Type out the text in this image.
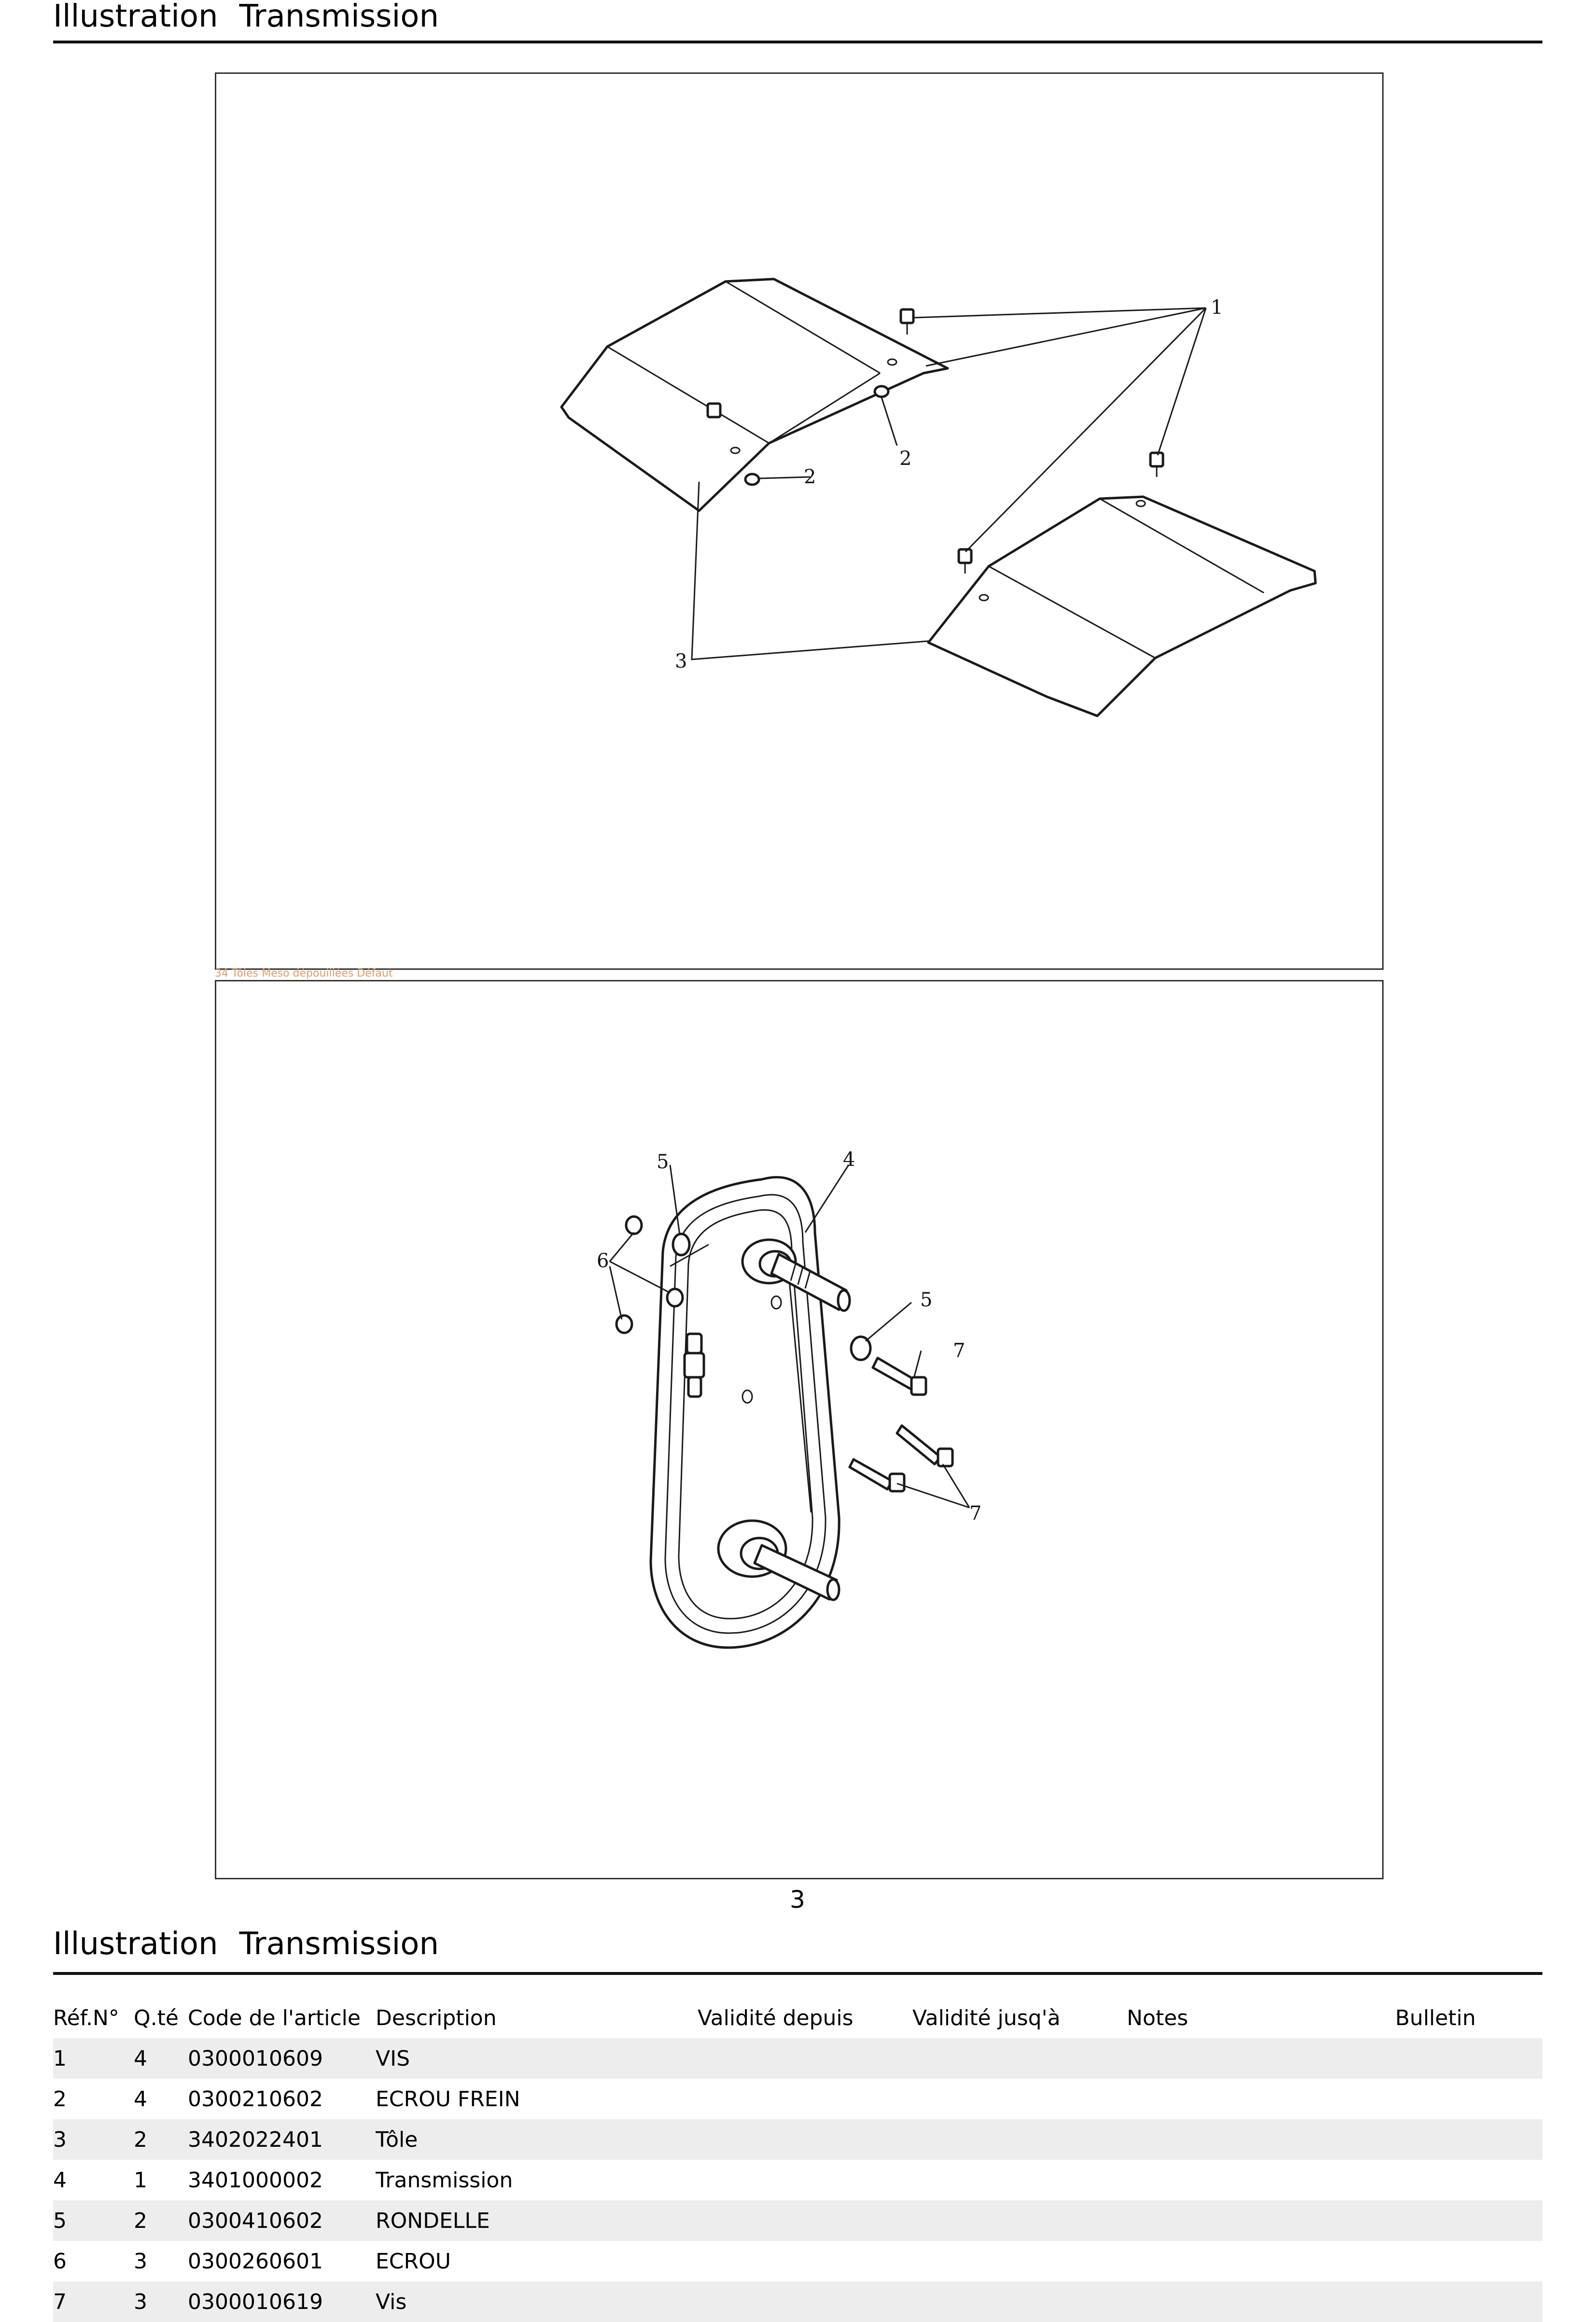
Illustration Transmission
1
2
2
3
34 Tôles Meso dépouillées Défaut
4
5
5
6
7
7
3
Illustration Transmission
Réf.N°	Q.té	Code de l'article	Description	Validité depuis	Validité jusq'à	Notes	Bulletin
1	4	0300010609	VIS				
2	4	0300210602	ECROU FREIN				
3	2	3402022401	Tôle				
4	1	3401000002	Transmission				
5	2	0300410602	RONDELLE				
6	3	0300260601	ECROU				
7	3	0300010619	Vis				
